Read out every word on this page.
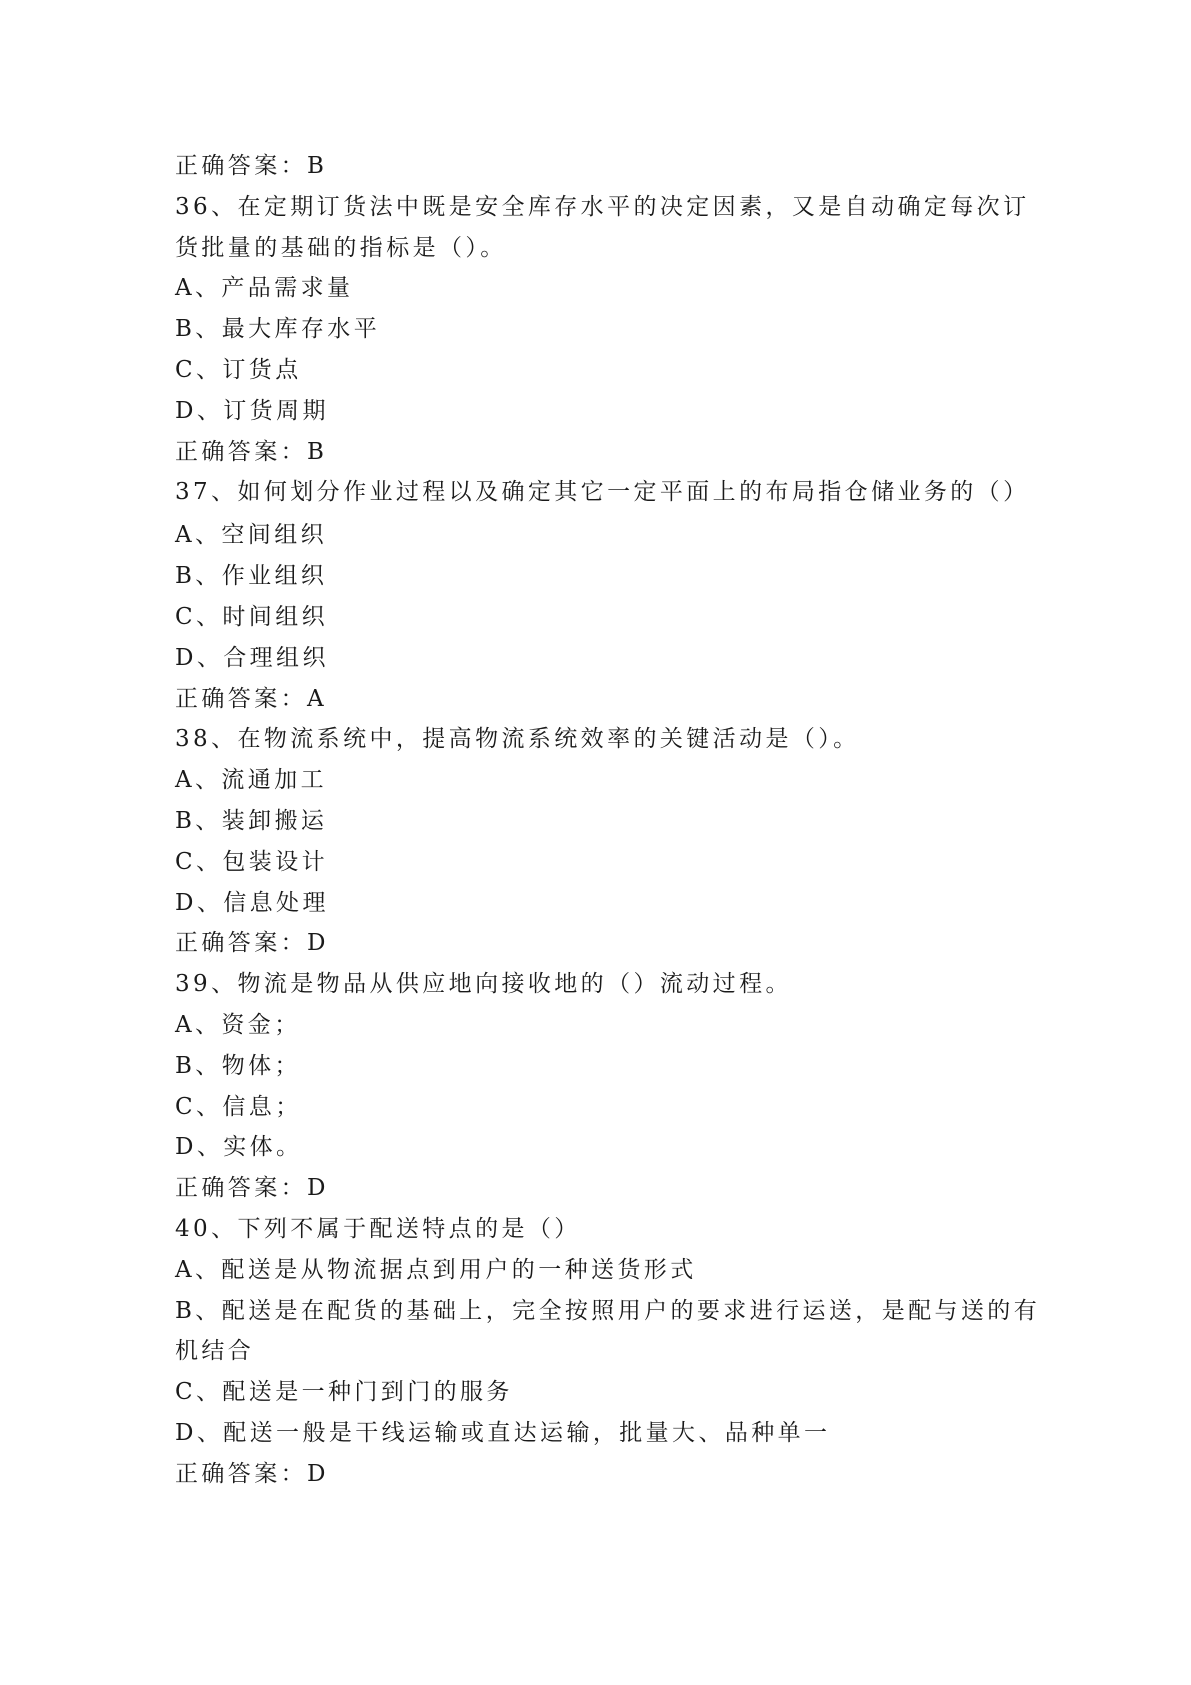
正确答案：B
36、在定期订货法中既是安全库存水平的决定因素，又是自动确定每次订
货批量的基础的指标是（）。
A、产品需求量
B、最大库存水平
C、订货点
D、订货周期
正确答案：B
37、如何划分作业过程以及确定其它一定平面上的布局指仓储业务的（）
A、空间组织
B、作业组织
C、时间组织
D、合理组织
正确答案：A
38、在物流系统中，提高物流系统效率的关键活动是（）。
A、流通加工
B、装卸搬运
C、包装设计
D、信息处理
正确答案：D
39、物流是物品从供应地向接收地的（）流动过程。
A、资金；
B、物体；
C、信息；
D、实体。
正确答案：D
40、下列不属于配送特点的是（）
A、配送是从物流据点到用户的一种送货形式
B、配送是在配货的基础上，完全按照用户的要求进行运送，是配与送的有
机结合
C、配送是一种门到门的服务
D、配送一般是干线运输或直达运输，批量大、品种单一
正确答案：D
